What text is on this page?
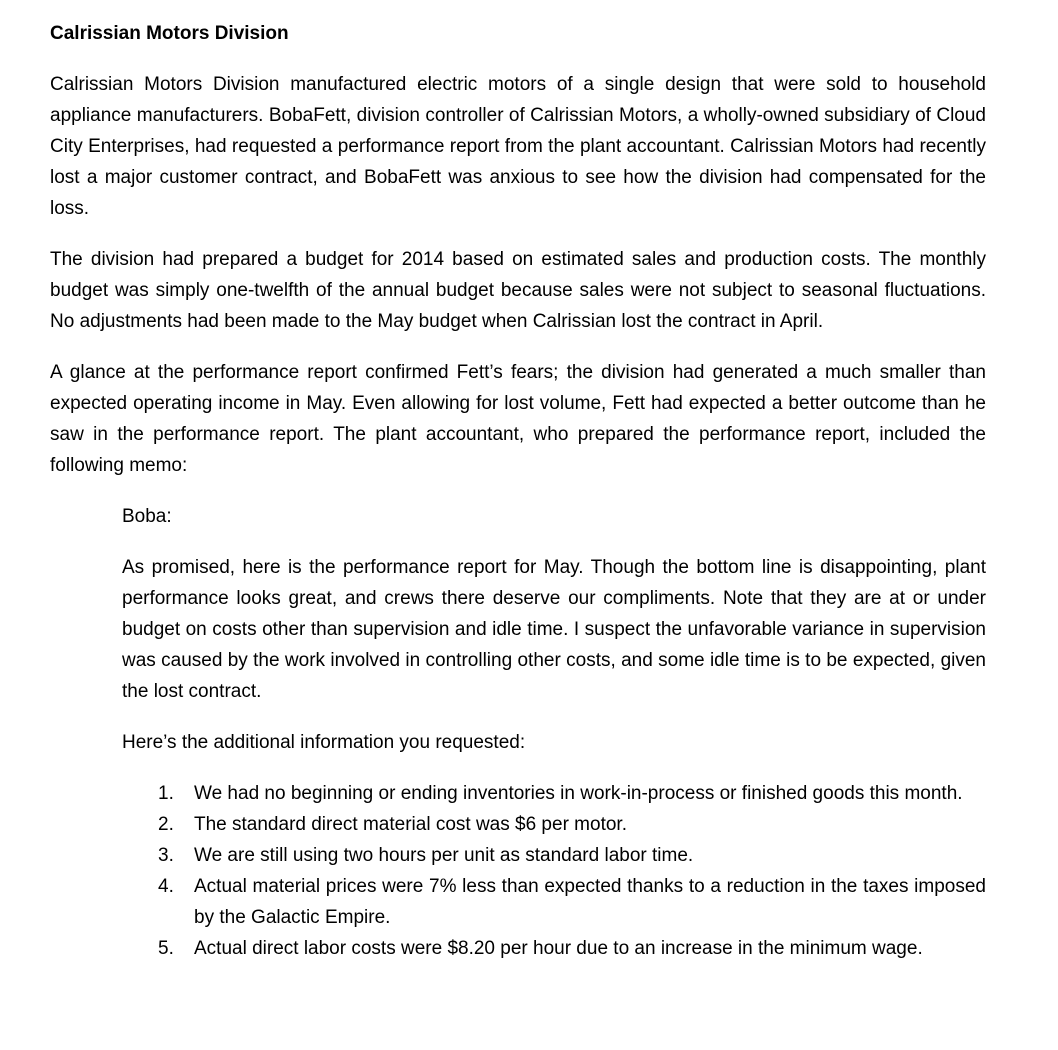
Calrissian Motors Division

Calrissian Motors Division manufactured electric motors of a single design that were sold to household appliance manufacturers. BobaFett, division controller of Calrissian Motors, a wholly-owned subsidiary of Cloud City Enterprises, had requested a performance report from the plant accountant. Calrissian Motors had recently lost a major customer contract, and BobaFett was anxious to see how the division had compensated for the loss.

The division had prepared a budget for 2014 based on estimated sales and production costs. The monthly budget was simply one-twelfth of the annual budget because sales were not subject to seasonal fluctuations. No adjustments had been made to the May budget when Calrissian lost the contract in April.

A glance at the performance report confirmed Fett’s fears; the division had generated a much smaller than expected operating income in May. Even allowing for lost volume, Fett had expected a better outcome than he saw in the performance report. The plant accountant, who prepared the performance report, included the following memo:

Boba:

As promised, here is the performance report for May. Though the bottom line is disappointing, plant performance looks great, and crews there deserve our compliments. Note that they are at or under budget on costs other than supervision and idle time. I suspect the unfavorable variance in supervision was caused by the work involved in controlling other costs, and some idle time is to be expected, given the lost contract.

Here’s the additional information you requested:

1. We had no beginning or ending inventories in work-in-process or finished goods this month.
2. The standard direct material cost was $6 per motor.
3. We are still using two hours per unit as standard labor time.
4. Actual material prices were 7% less than expected thanks to a reduction in the taxes imposed by the Galactic Empire.
5. Actual direct labor costs were $8.20 per hour due to an increase in the minimum wage.
